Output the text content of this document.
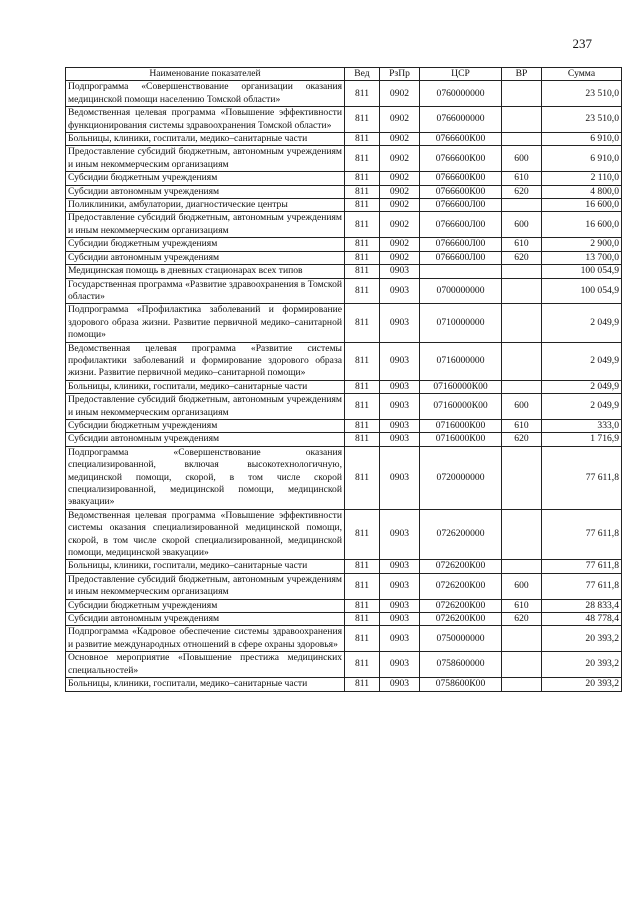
237
Наименование показателей	Вед	РзПр	ЦСР	ВР	Сумма
Подпрограмма «Совершенствование организации оказания медицинской помощи населению Томской области»	811	0902	0760000000		23 510,0
Ведомственная целевая программа «Повышение эффективности функционирования системы здравоохранения Томской области»	811	0902	0766000000		23 510,0
Больницы, клиники, госпитали, медико–санитарные части	811	0902	0766600К00		6 910,0
Предоставление субсидий бюджетным, автономным учреждениям и иным некоммерческим организациям	811	0902	0766600К00	600	6 910,0
Субсидии бюджетным учреждениям	811	0902	0766600К00	610	2 110,0
Субсидии автономным учреждениям	811	0902	0766600К00	620	4 800,0
Поликлиники, амбулатории, диагностические центры	811	0902	0766600Л00		16 600,0
Предоставление субсидий бюджетным, автономным учреждениям и иным некоммерческим организациям	811	0902	0766600Л00	600	16 600,0
Субсидии бюджетным учреждениям	811	0902	0766600Л00	610	2 900,0
Субсидии автономным учреждениям	811	0902	0766600Л00	620	13 700,0
Медицинская помощь в дневных стационарах всех типов	811	0903			100 054,9
Государственная программа «Развитие здравоохранения в Томской области»	811	0903	0700000000		100 054,9
Подпрограмма «Профилактика заболеваний и формирование здорового образа жизни. Развитие первичной медико–санитарной помощи»	811	0903	0710000000		2 049,9
Ведомственная целевая программа «Развитие системы профилактики заболеваний и формирование здорового образа жизни. Развитие первичной медико–санитарной помощи»	811	0903	0716000000		2 049,9
Больницы, клиники, госпитали, медико–санитарные части	811	0903	07160000К00		2 049,9
Предоставление субсидий бюджетным, автономным учреждениям и иным некоммерческим организациям	811	0903	07160000К00	600	2 049,9
Субсидии бюджетным учреждениям	811	0903	0716000К00	610	333,0
Субсидии автономным учреждениям	811	0903	0716000К00	620	1 716,9
Подпрограмма «Совершенствование оказания специализированной, включая высокотехнологичную, медицинской помощи, скорой, в том числе скорой специализированной, медицинской помощи, медицинской эвакуации»	811	0903	0720000000		77 611,8
Ведомственная целевая программа «Повышение эффективности системы оказания специализированной медицинской помощи, скорой, в том числе скорой специализированной, медицинской помощи, медицинской эвакуации»	811	0903	0726200000		77 611,8
Больницы, клиники, госпитали, медико–санитарные части	811	0903	0726200К00		77 611,8
Предоставление субсидий бюджетным, автономным учреждениям и иным некоммерческим организациям	811	0903	0726200К00	600	77 611,8
Субсидии бюджетным учреждениям	811	0903	0726200К00	610	28 833,4
Субсидии автономным учреждениям	811	0903	0726200К00	620	48 778,4
Подпрограмма «Кадровое обеспечение системы здравоохранения и развитие международных отношений в сфере охраны здоровья»	811	0903	0750000000		20 393,2
Основное мероприятие «Повышение престижа медицинских специальностей»	811	0903	0758600000		20 393,2
Больницы, клиники, госпитали, медико–санитарные части	811	0903	0758600К00		20 393,2
